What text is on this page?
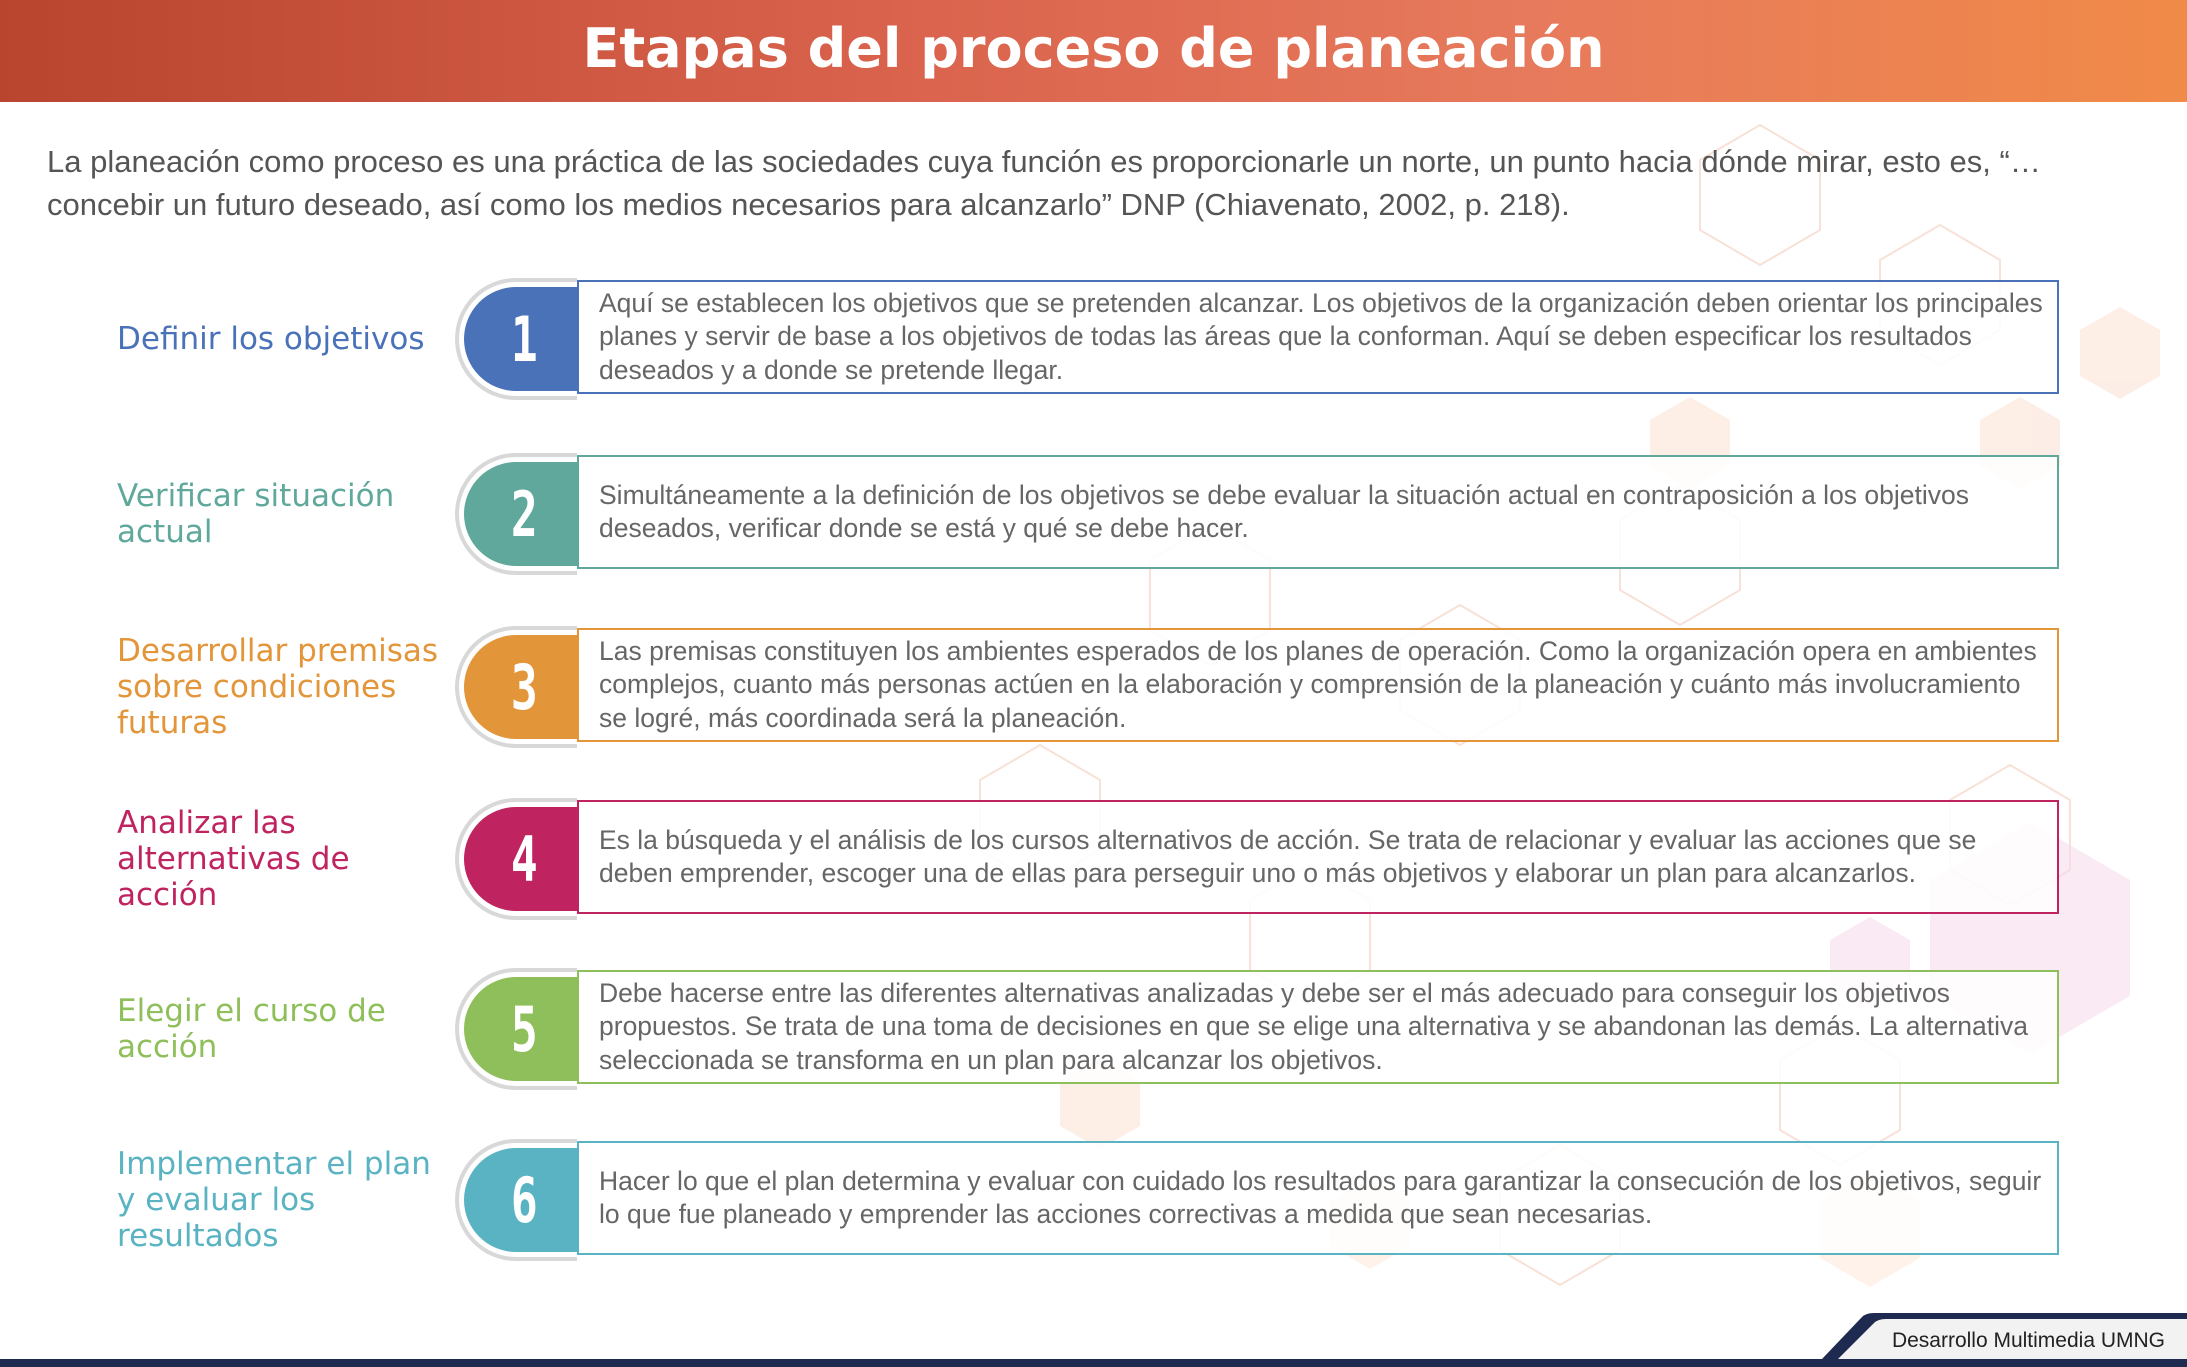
Etapas del proceso de planeación
La planeación como proceso es una práctica de las sociedades cuya función es proporcionarle un norte, un punto hacia dónde mirar, esto es, “…concebir un futuro deseado, así como los medios necesarios para alcanzarlo” DNP (Chiavenato, 2002, p. 218).
Definir los objetivos	1 Aquí se establecen los objetivos que se pretenden alcanzar. Los objetivos de la organización deben orientar los principales planes y servir de base a los objetivos de todas las áreas que la conforman. Aquí se deben especificar los resultados deseados y a donde se pretende llegar.
Verificar situación actual	2 Simultáneamente a la definición de los objetivos se debe evaluar la situación actual en contraposición a los objetivos deseados, verificar donde se está y qué se debe hacer.
Desarrollar premisas sobre condiciones futuras	3 Las premisas constituyen los ambientes esperados de los planes de operación. Como la organización opera en ambientes complejos, cuanto más personas actúen en la elaboración y comprensión de la planeación y cuánto más involucramiento se logré, más coordinada será la planeación.
Analizar las alternativas de acción	4 Es la búsqueda y el análisis de los cursos alternativos de acción. Se trata de relacionar y evaluar las acciones que se deben emprender, escoger una de ellas para perseguir uno o más objetivos y elaborar un plan para alcanzarlos.
Elegir el curso de acción	5 Debe hacerse entre las diferentes alternativas analizadas y debe ser el más adecuado para conseguir los objetivos propuestos. Se trata de una toma de decisiones en que se elige una alternativa y se abandonan las demás. La alternativa seleccionada se transforma en un plan para alcanzar los objetivos.
Implementar el plan y evaluar los resultados	6 Hacer lo que el plan determina y evaluar con cuidado los resultados para garantizar la consecución de los objetivos, seguir lo que fue planeado y emprender las acciones correctivas a medida que sean necesarias.
Desarrollo Multimedia UMNG
